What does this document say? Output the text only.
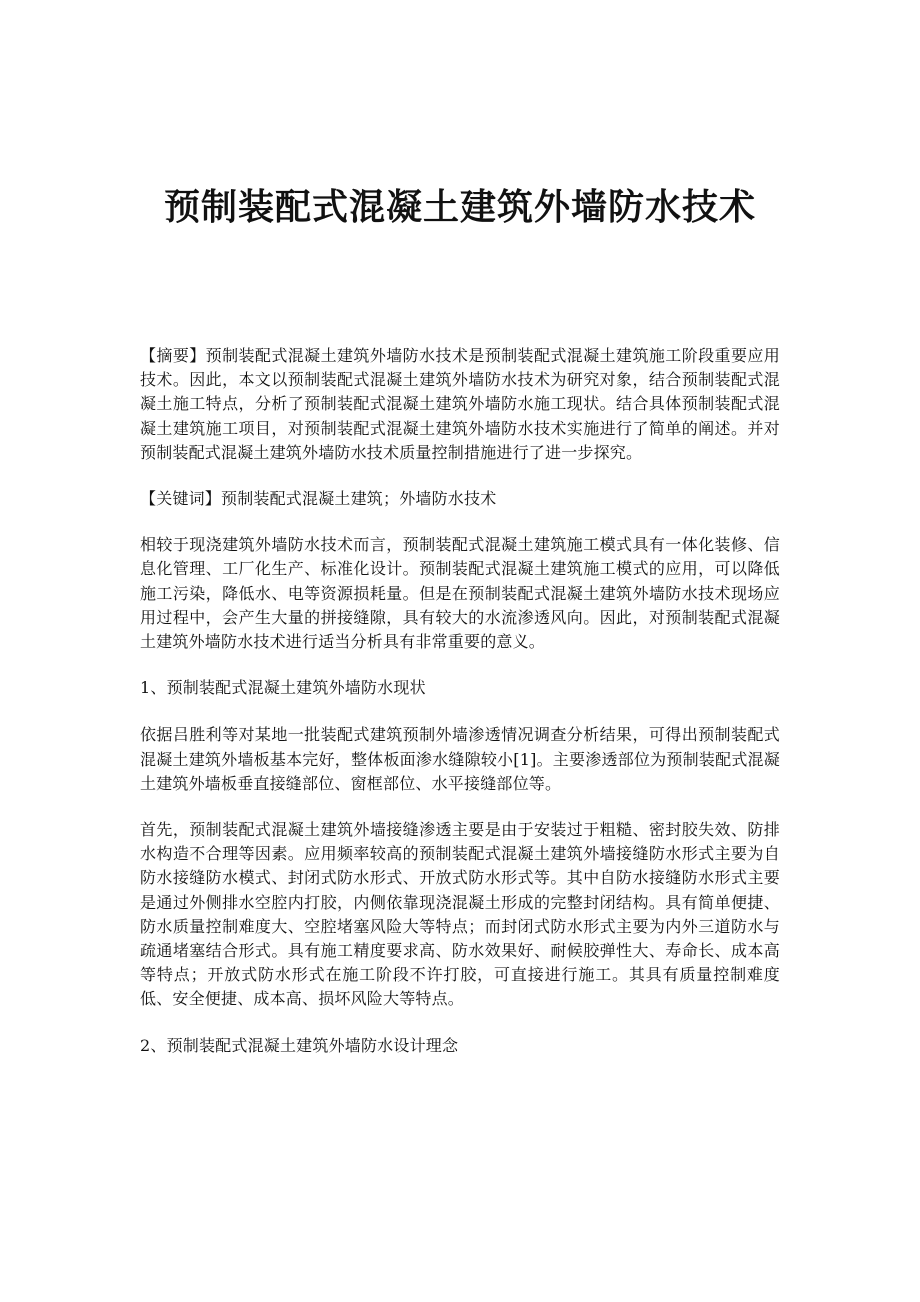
预制装配式混凝土建筑外墙防水技术

【摘要】预制装配式混凝土建筑外墙防水技术是预制装配式混凝土建筑施工阶段重要应用技术。因此，本文以预制装配式混凝土建筑外墙防水技术为研究对象，结合预制装配式混凝土施工特点，分析了预制装配式混凝土建筑外墙防水施工现状。结合具体预制装配式混凝土建筑施工项目，对预制装配式混凝土建筑外墙防水技术实施进行了简单的阐述。并对预制装配式混凝土建筑外墙防水技术质量控制措施进行了进一步探究。

【关键词】预制装配式混凝土建筑；外墙防水技术

相较于现浇建筑外墙防水技术而言，预制装配式混凝土建筑施工模式具有一体化装修、信息化管理、工厂化生产、标准化设计。预制装配式混凝土建筑施工模式的应用，可以降低施工污染，降低水、电等资源损耗量。但是在预制装配式混凝土建筑外墙防水技术现场应用过程中，会产生大量的拼接缝隙，具有较大的水流渗透风向。因此，对预制装配式混凝土建筑外墙防水技术进行适当分析具有非常重要的意义。

1、预制装配式混凝土建筑外墙防水现状

依据吕胜利等对某地一批装配式建筑预制外墙渗透情况调查分析结果，可得出预制装配式混凝土建筑外墙板基本完好，整体板面渗水缝隙较小[1]。主要渗透部位为预制装配式混凝土建筑外墙板垂直接缝部位、窗框部位、水平接缝部位等。

首先，预制装配式混凝土建筑外墙接缝渗透主要是由于安装过于粗糙、密封胶失效、防排水构造不合理等因素。应用频率较高的预制装配式混凝土建筑外墙接缝防水形式主要为自防水接缝防水模式、封闭式防水形式、开放式防水形式等。其中自防水接缝防水形式主要是通过外侧排水空腔内打胶，内侧依靠现浇混凝土形成的完整封闭结构。具有简单便捷、防水质量控制难度大、空腔堵塞风险大等特点；而封闭式防水形式主要为内外三道防水与疏通堵塞结合形式。具有施工精度要求高、防水效果好、耐候胶弹性大、寿命长、成本高等特点；开放式防水形式在施工阶段不许打胶，可直接进行施工。其具有质量控制难度低、安全便捷、成本高、损坏风险大等特点。

2、预制装配式混凝土建筑外墙防水设计理念
